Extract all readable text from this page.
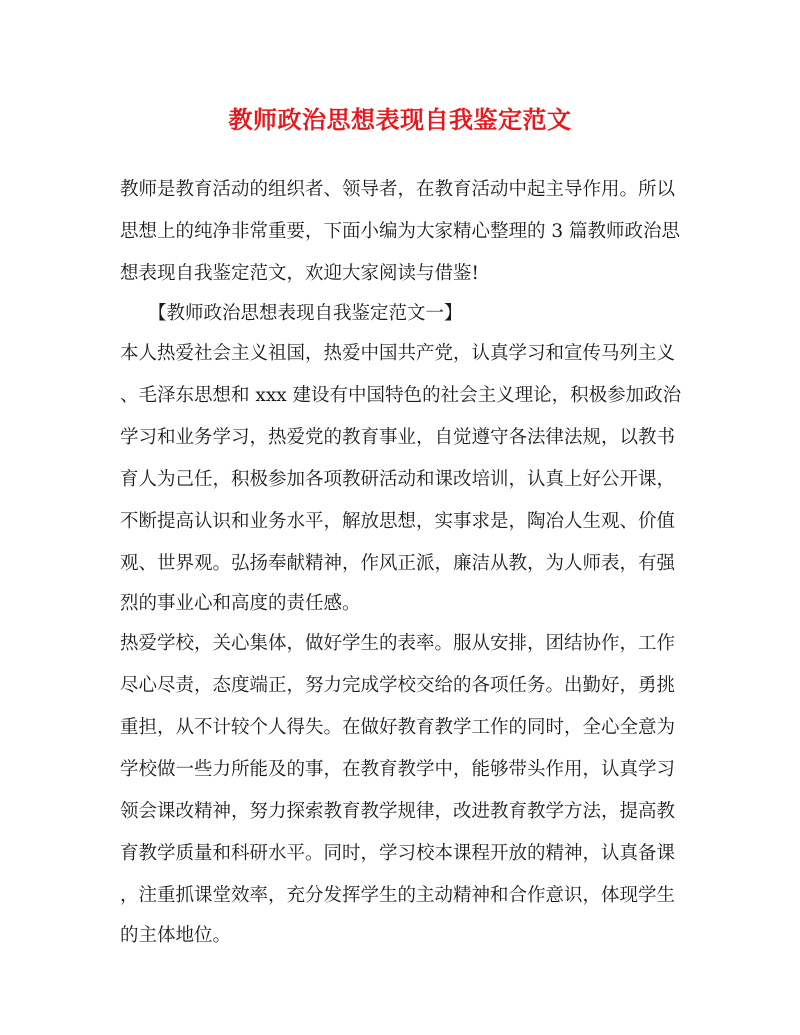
教师政治思想表现自我鉴定范文
教师是教育活动的组织者、领导者，在教育活动中起主导作用。所以
思想上的纯净非常重要，下面小编为大家精心整理的 3 篇教师政治思
想表现自我鉴定范文，欢迎大家阅读与借鉴!
【教师政治思想表现自我鉴定范文一】
本人热爱社会主义祖国，热爱中国共产党，认真学习和宣传马列主义
、毛泽东思想和 xxx 建设有中国特色的社会主义理论，积极参加政治
学习和业务学习，热爱党的教育事业，自觉遵守各法律法规，以教书
育人为己任，积极参加各项教研活动和课改培训，认真上好公开课，
不断提高认识和业务水平，解放思想，实事求是，陶冶人生观、价值
观、世界观。弘扬奉献精神，作风正派，廉洁从教，为人师表，有强
烈的事业心和高度的责任感。
热爱学校，关心集体，做好学生的表率。服从安排，团结协作，工作
尽心尽责，态度端正，努力完成学校交给的各项任务。出勤好，勇挑
重担，从不计较个人得失。在做好教育教学工作的同时，全心全意为
学校做一些力所能及的事，在教育教学中，能够带头作用，认真学习
领会课改精神，努力探索教育教学规律，改进教育教学方法，提高教
育教学质量和科研水平。同时，学习校本课程开放的精神，认真备课
，注重抓课堂效率，充分发挥学生的主动精神和合作意识，体现学生
的主体地位。
